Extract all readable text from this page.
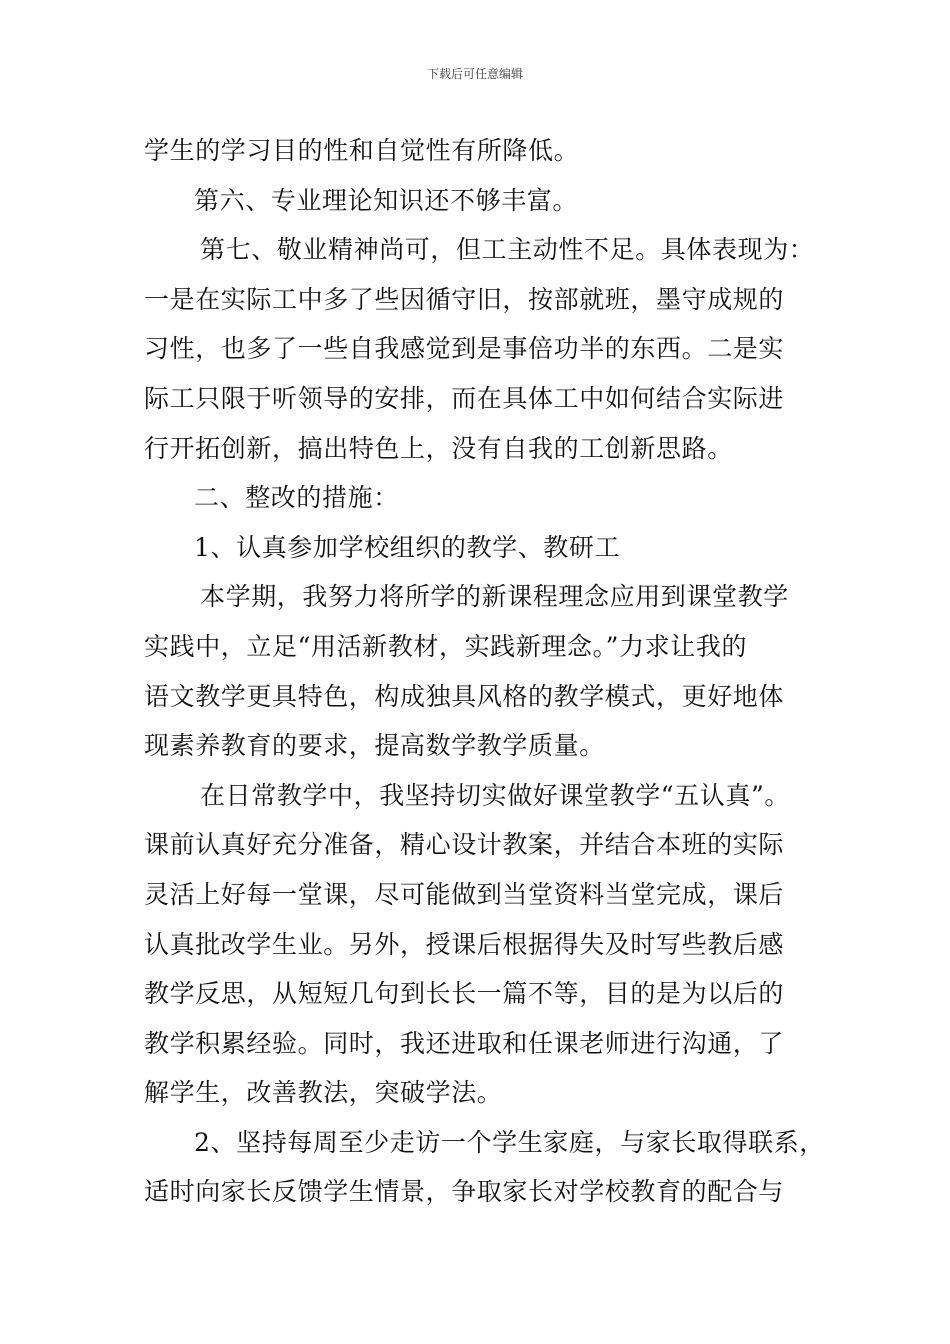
下载后可任意编辑
学生的学习目的性和自觉性有所降低。
第六、专业理论知识还不够丰富。
第七、敬业精神尚可，但工主动性不足。具体表现为：
一是在实际工中多了些因循守旧，按部就班，墨守成规的
习性，也多了一些自我感觉到是事倍功半的东西。二是实
际工只限于听领导的安排，而在具体工中如何结合实际进
行开拓创新，搞出特色上，没有自我的工创新思路。
二、整改的措施：
1、认真参加学校组织的教学、教研工
本学期，我努力将所学的新课程理念应用到课堂教学
实践中，立足“用活新教材，实践新理念。”力求让我的
语文教学更具特色，构成独具风格的教学模式，更好地体
现素养教育的要求，提高数学教学质量。
在日常教学中，我坚持切实做好课堂教学“五认真”。
课前认真好充分准备，精心设计教案，并结合本班的实际
灵活上好每一堂课，尽可能做到当堂资料当堂完成，课后
认真批改学生业。另外，授课后根据得失及时写些教后感
教学反思，从短短几句到长长一篇不等，目的是为以后的
教学积累经验。同时，我还进取和任课老师进行沟通，了
解学生，改善教法，突破学法。
2、坚持每周至少走访一个学生家庭，与家长取得联系，
适时向家长反馈学生情景，争取家长对学校教育的配合与
